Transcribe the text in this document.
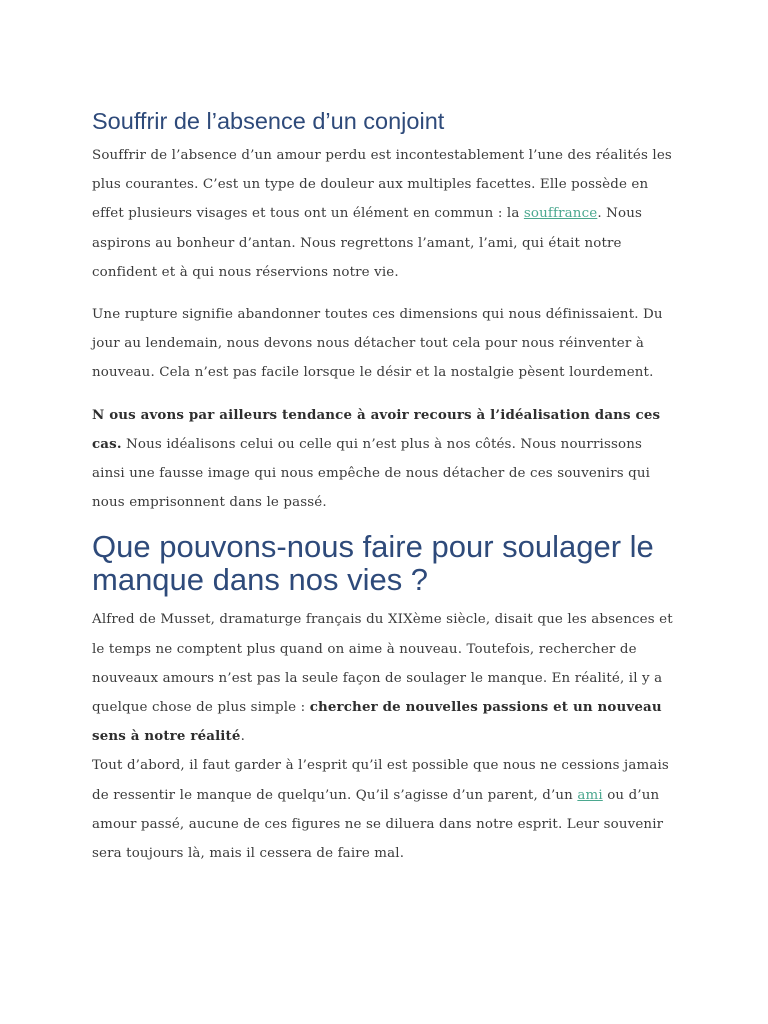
Souffrir de l’absence d’un conjoint

Souffrir de l’absence d’un amour perdu est incontestablement l’une des réalités les plus courantes. C’est un type de douleur aux multiples facettes. Elle possède en effet plusieurs visages et tous ont un élément en commun : la souffrance. Nous aspirons au bonheur d’antan. Nous regrettons l’amant, l’ami, qui était notre confident et à qui nous réservions notre vie.

Une rupture signifie abandonner toutes ces dimensions qui nous définissaient. Du jour au lendemain, nous devons nous détacher tout cela pour nous réinventer à nouveau. Cela n’est pas facile lorsque le désir et la nostalgie pèsent lourdement.

N ous avons par ailleurs tendance à avoir recours à l’idéalisation dans ces cas. Nous idéalisons celui ou celle qui n’est plus à nos côtés. Nous nourrissons ainsi une fausse image qui nous empêche de nous détacher de ces souvenirs qui nous emprisonnent dans le passé.

Que pouvons-nous faire pour soulager le manque dans nos vies ?

Alfred de Musset, dramaturge français du XIXème siècle, disait que les absences et le temps ne comptent plus quand on aime à nouveau. Toutefois, rechercher de nouveaux amours n’est pas la seule façon de soulager le manque. En réalité, il y a quelque chose de plus simple : chercher de nouvelles passions et un nouveau sens à notre réalité.

Tout d’abord, il faut garder à l’esprit qu’il est possible que nous ne cessions jamais de ressentir le manque de quelqu’un. Qu’il s’agisse d’un parent, d’un ami ou d’un amour passé, aucune de ces figures ne se diluera dans notre esprit. Leur souvenir sera toujours là, mais il cessera de faire mal.
